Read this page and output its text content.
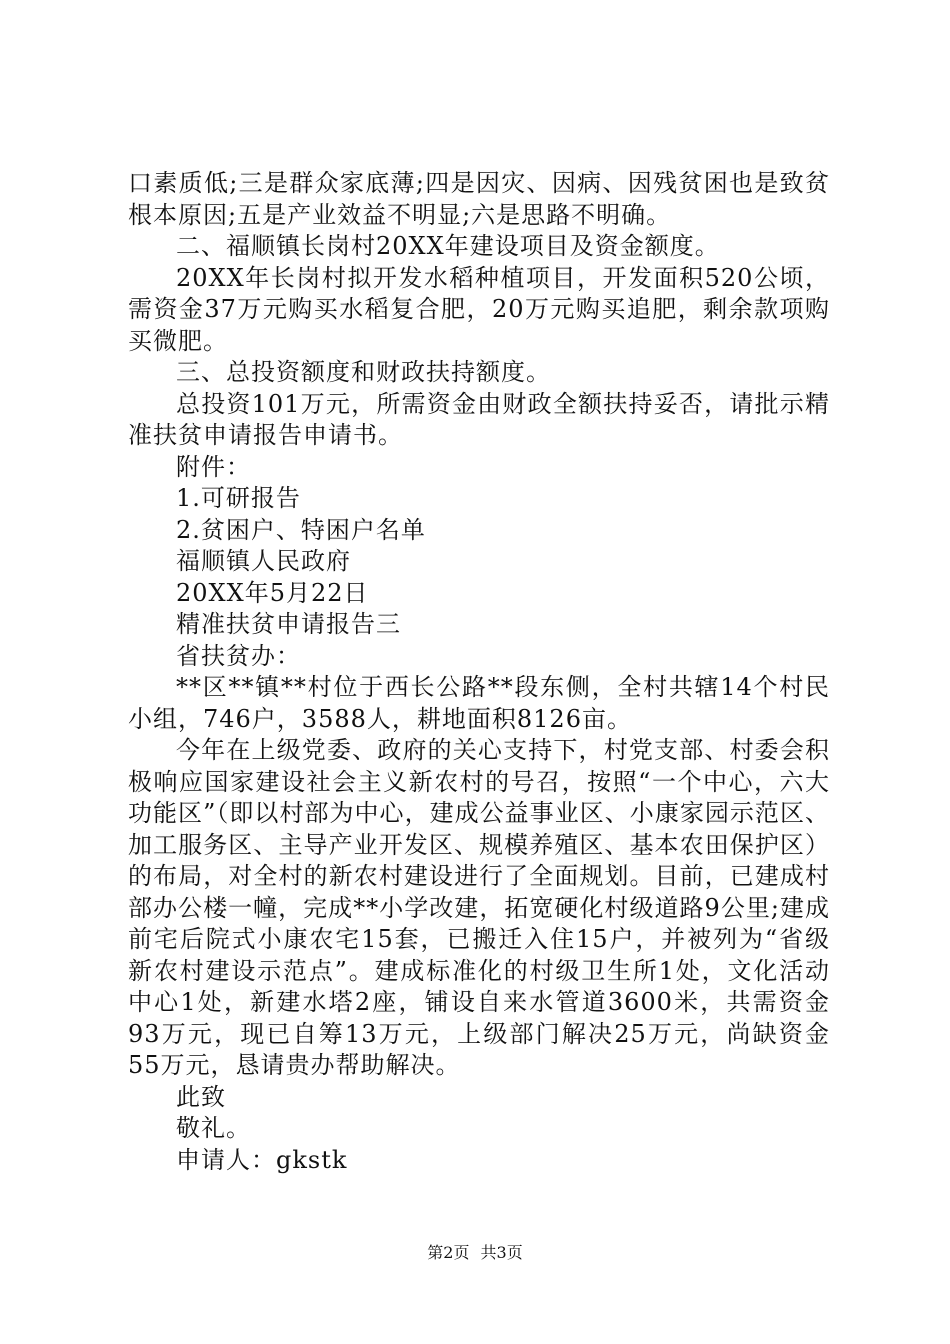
口素质低;三是群众家底薄;四是因灾、因病、因残贫困也是致贫根本原因;五是产业效益不明显;六是思路不明确。

二、福顺镇长岗村20XX年建设项目及资金额度。

20XX年长岗村拟开发水稻种植项目，开发面积520公顷，需资金37万元购买水稻复合肥，20万元购买追肥，剩余款项购买微肥。

三、总投资额度和财政扶持额度。

总投资101万元，所需资金由财政全额扶持妥否，请批示精准扶贫申请报告申请书。

附件：

1.可研报告

2.贫困户、特困户名单

福顺镇人民政府

20XX年5月22日

精准扶贫申请报告三

省扶贫办：

**区**镇**村位于西长公路**段东侧，全村共辖14个村民小组，746户，3588人，耕地面积8126亩。

今年在上级党委、政府的关心支持下，村党支部、村委会积极响应国家建设社会主义新农村的号召，按照“一个中心，六大功能区”（即以村部为中心，建成公益事业区、小康家园示范区、加工服务区、主导产业开发区、规模养殖区、基本农田保护区）的布局，对全村的新农村建设进行了全面规划。目前，已建成村部办公楼一幢，完成**小学改建，拓宽硬化村级道路9公里;建成前宅后院式小康农宅15套，已搬迁入住15户，并被列为“省级新农村建设示范点”。建成标准化的村级卫生所1处，文化活动中心1处，新建水塔2座，铺设自来水管道3600米，共需资金93万元，现已自筹13万元，上级部门解决25万元，尚缺资金55万元，恳请贵办帮助解决。

此致

敬礼。

申请人：gkstk

第2页 共3页
